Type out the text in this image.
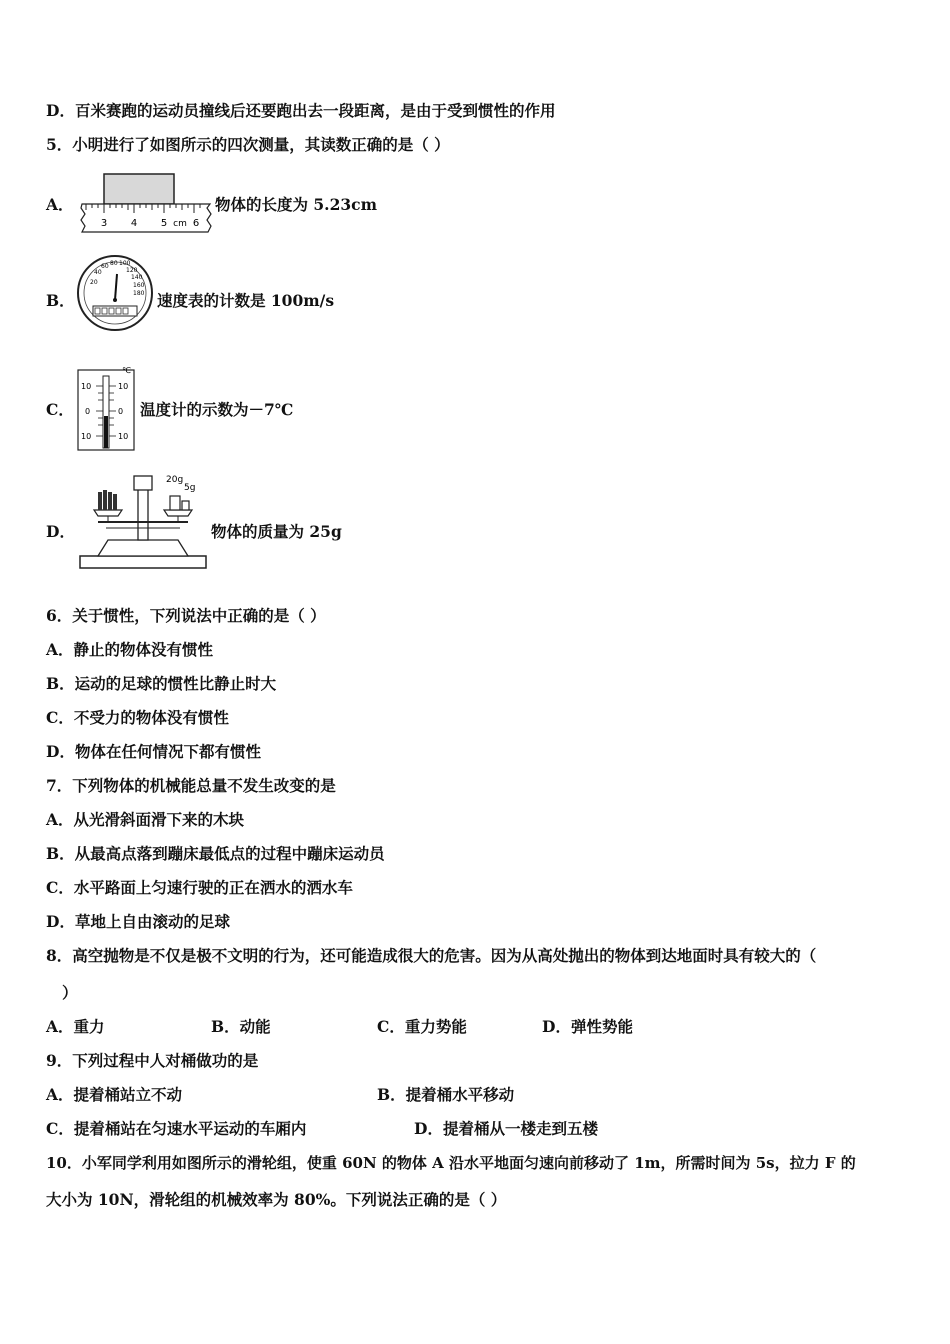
D．百米赛跑的运动员撞线后还要跑出去一段距离，是由于受到惯性的作用
5．小明进行了如图所示的四次测量，其读数正确的是（ ）
A．
3 4 5 cm 6
物体的长度为 5.23cm
B．
20
40
60 80 100
120
140
160
180 速度表的计数是 100m/s
C．
℃
10	10
0	0
10	10
温度计的示数为－7℃
D．
20g
5g
物体的质量为 25g
6．关于惯性，下列说法中正确的是（ ）
A．静止的物体没有惯性
B．运动的足球的惯性比静止时大
C．不受力的物体没有惯性
D．物体在任何情况下都有惯性
7．下列物体的机械能总量不发生改变的是
A．从光滑斜面滑下来的木块
B．从最高点落到蹦床最低点的过程中蹦床运动员
C．水平路面上匀速行驶的正在洒水的洒水车
D．草地上自由滚动的足球
8．高空抛物是不仅是极不文明的行为，还可能造成很大的危害。因为从高处抛出的物体到达地面时具有较大的（
）
A．重力	B．动能	C．重力势能	D．弹性势能
9．下列过程中人对桶做功的是
A．提着桶站立不动	B．提着桶水平移动
C．提着桶站在匀速水平运动的车厢内	D．提着桶从一楼走到五楼
10．小军同学利用如图所示的滑轮组，使重 60N 的物体 A 沿水平地面匀速向前移动了 1m，所需时间为 5s，拉力 F 的
大小为 10N，滑轮组的机械效率为 80%。下列说法正确的是（ ）
